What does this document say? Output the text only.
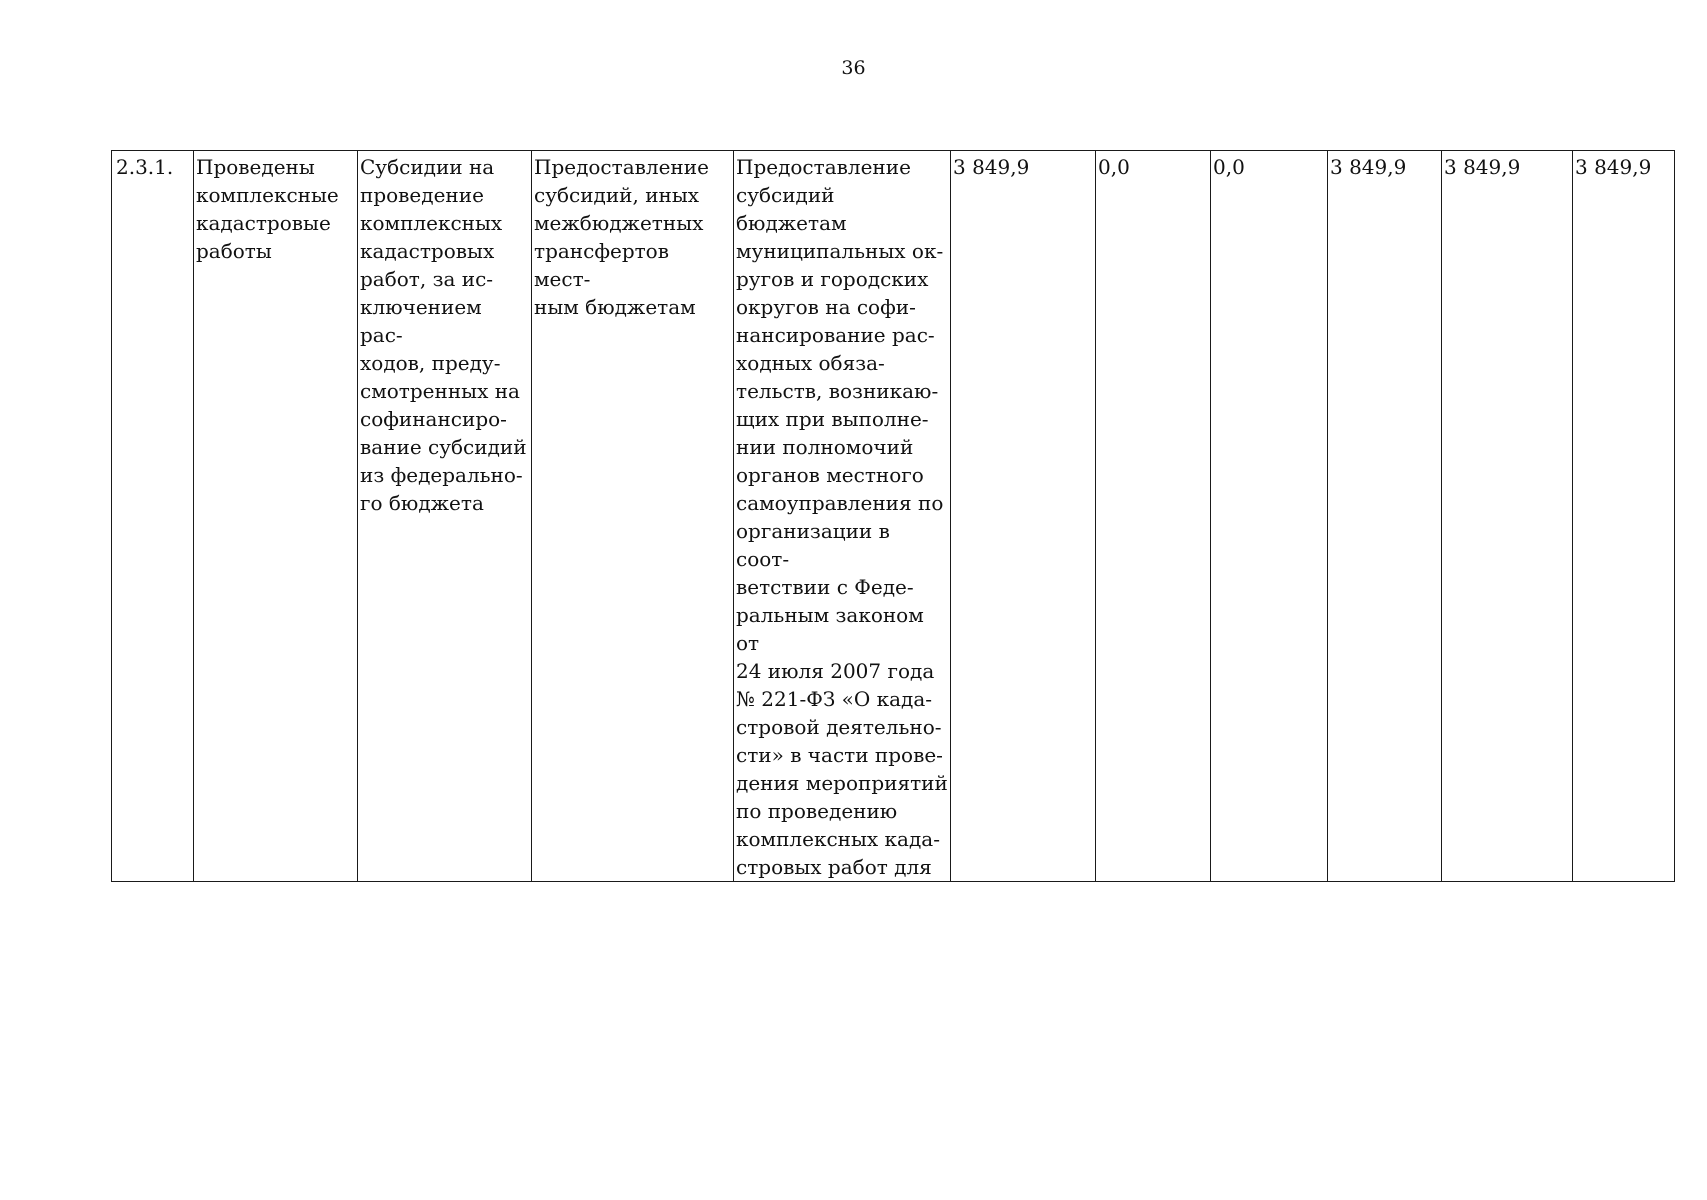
36
2.3.1.	Проведены
комплексные
кадастровые
работы	Субсидии на
проведение
комплексных
кадастровых
работ, за ис-
ключением рас-
ходов, преду-
смотренных на
софинансиро-
вание субсидий
из федерально-
го бюджета	Предоставление
субсидий, иных
межбюджетных
трансфертов мест-
ным бюджетам	Предоставление
субсидий бюджетам
муниципальных ок-
ругов и городских
округов на софи-
нансирование рас-
ходных обяза-
тельств, возникаю-
щих при выполне-
нии полномочий
органов местного
самоуправления по
организации в соот-
ветствии с Феде-
ральным законом от
24 июля 2007 года
№ 221-ФЗ «О када-
стровой деятельно-
сти» в части прове-
дения мероприятий
по проведению
комплексных када-
стровых работ для	3 849,9	0,0	0,0	3 849,9	3 849,9	3 849,9
